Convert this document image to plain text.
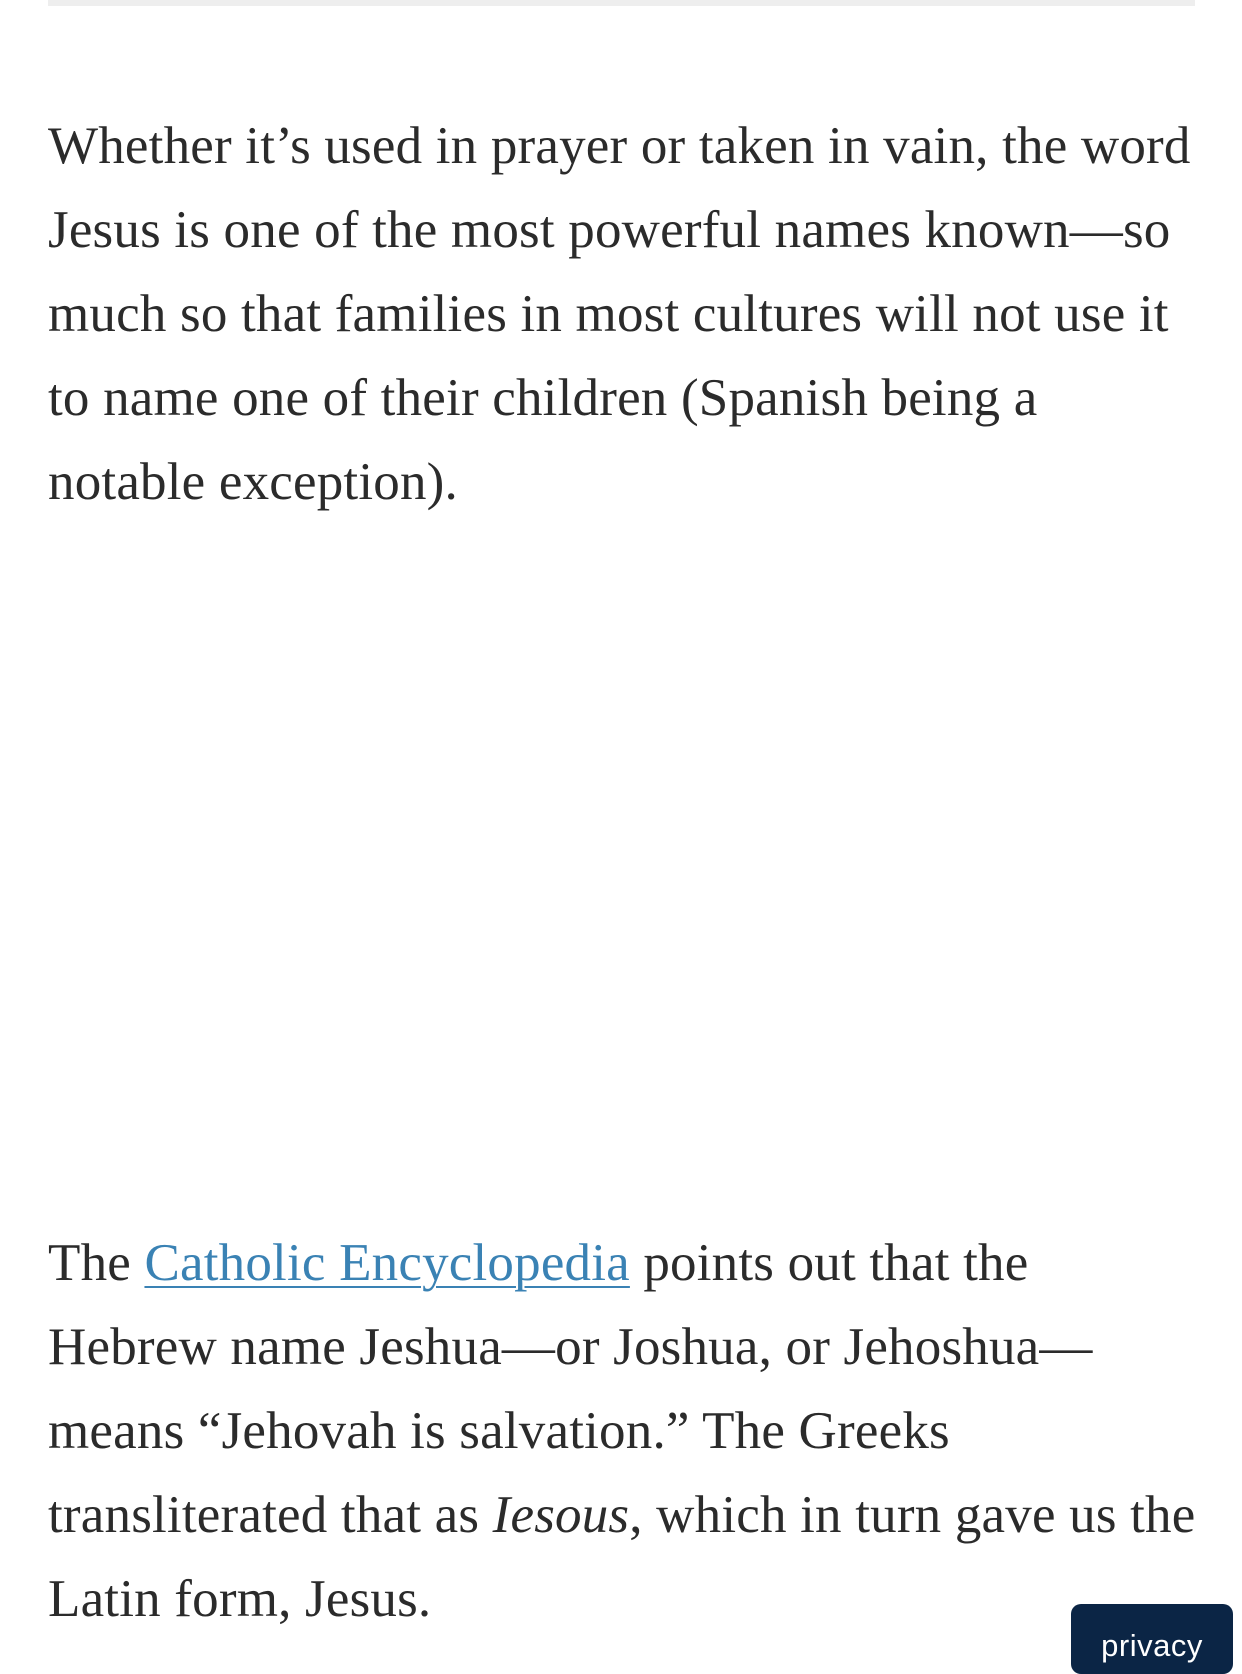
Whether it’s used in prayer or taken in vain, the word Jesus is one of the most powerful names known—so much so that families in most cultures will not use it to name one of their children (Spanish being a notable exception).

The Catholic Encyclopedia points out that the Hebrew name Jeshua—or Joshua, or Jehoshua—means “Jehovah is salvation.” The Greeks transliterated that as Iesous, which in turn gave us the Latin form, Jesus.

privacy
